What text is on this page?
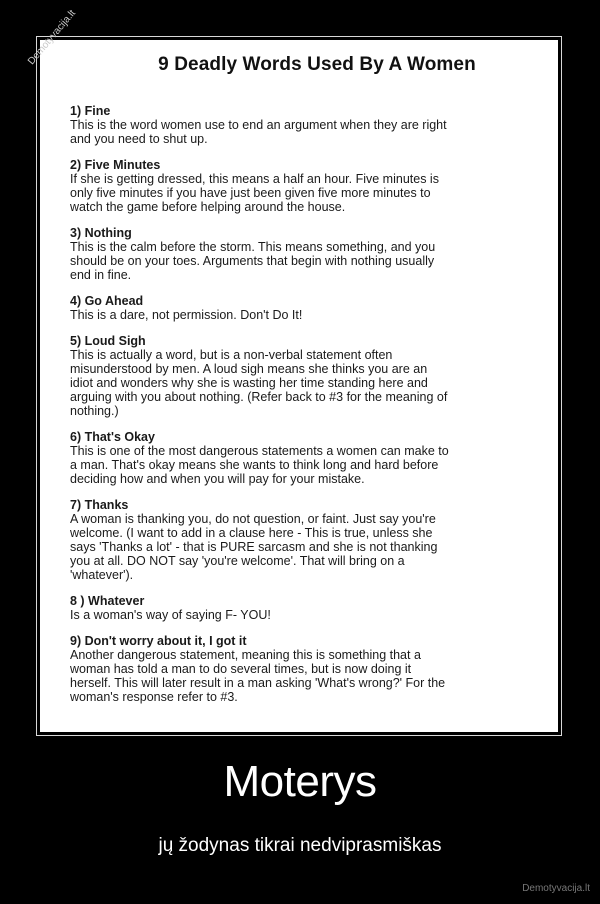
Demotyvacija.lt	9 Deadly Words Used By A Women
1) Fine
This is the word women use to end an argument when they are right
and you need to shut up.
2) Five Minutes
If she is getting dressed, this means a half an hour. Five minutes is
only five minutes if you have just been given five more minutes to
watch the game before helping around the house.
3) Nothing
This is the calm before the storm. This means something, and you
should be on your toes. Arguments that begin with nothing usually
end in fine.
4) Go Ahead
This is a dare, not permission. Don't Do It!
5) Loud Sigh
This is actually a word, but is a non-verbal statement often
misunderstood by men. A loud sigh means she thinks you are an
idiot and wonders why she is wasting her time standing here and
arguing with you about nothing. (Refer back to #3 for the meaning of
nothing.)
6) That's Okay
This is one of the most dangerous statements a women can make to
a man. That's okay means she wants to think long and hard before
deciding how and when you will pay for your mistake.
7) Thanks
A woman is thanking you, do not question, or faint. Just say you're
welcome. (I want to add in a clause here - This is true, unless she
says 'Thanks a lot' - that is PURE sarcasm and she is not thanking
you at all. DO NOT say 'you're welcome'. That will bring on a
'whatever').
8 ) Whatever
Is a woman's way of saying F- YOU!
9) Don't worry about it, I got it
Another dangerous statement, meaning this is something that a
woman has told a man to do several times, but is now doing it
herself. This will later result in a man asking 'What's wrong?' For the
woman's response refer to #3.
Moterys
jų žodynas tikrai nedviprasmiškas
Demotyvacija.lt
